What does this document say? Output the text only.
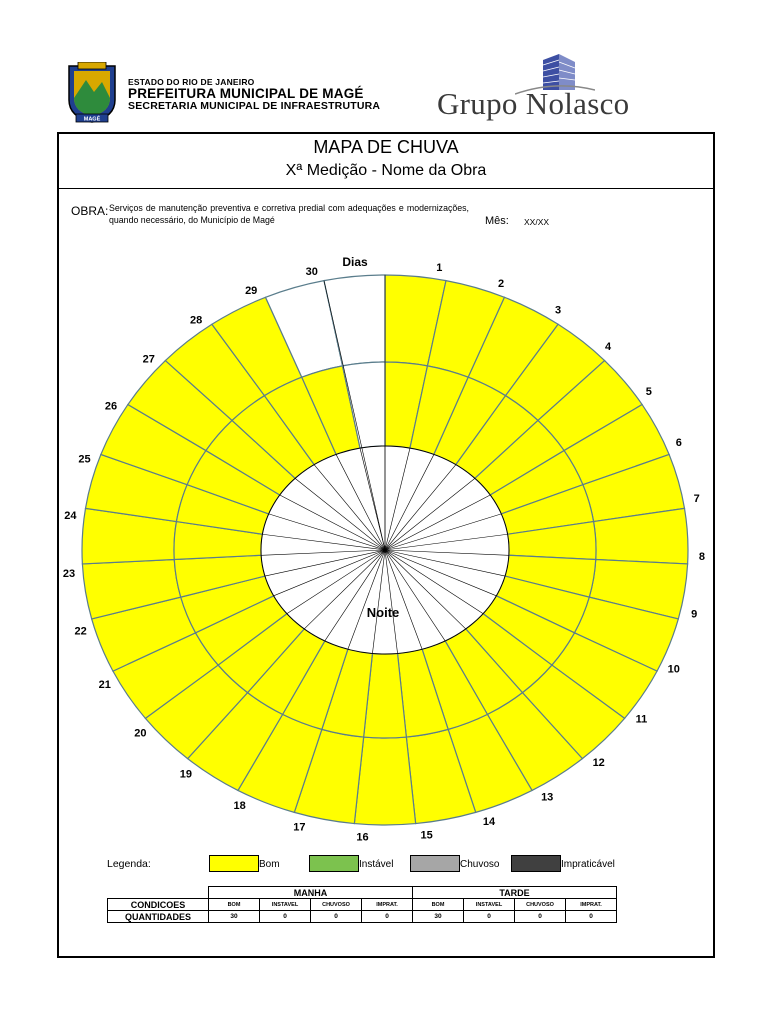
MAGÉ
ESTADO DO RIO DE JANEIRO
PREFEITURA MUNICIPAL DE MAGÉ
SECRETARIA MUNICIPAL DE INFRAESTRUTURA Grupo Nolasco
MAPA DE CHUVA
Xª Medição - Nome da Obra
OBRA: Serviços de manutenção preventiva e corretiva predial com adequações e modernizações, quando necessário, do Município de Magé	Mês: XX/XX
1
2
3
4
5
6
7
8
9
10
11
12
13
14
15
16
17
18
19
20
21
22
23
24
25
26
27
28
29
30
Dias
Noite
Legenda:	Bom	Instável	Chuvoso	Impraticável
	MANHA				TARDE			
CONDICOES	BOM	INSTAVEL	CHUVOSO	IMPRAT.	BOM	INSTAVEL	CHUVOSO	IMPRAT.
QUANTIDADES	30	0	0	0	30	0	0	0
